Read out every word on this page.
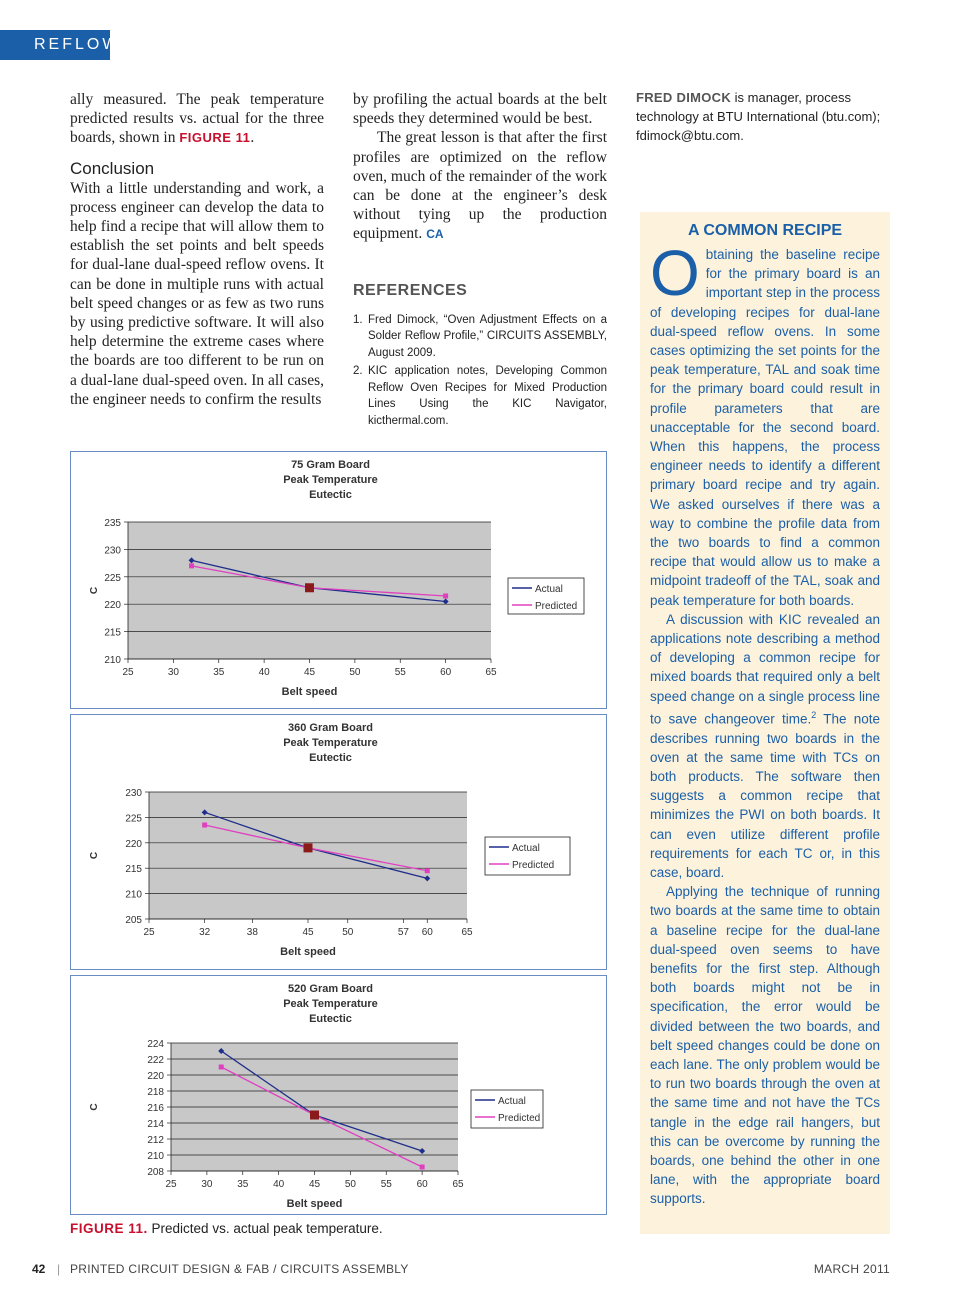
REFLOW

ally measured. The peak temperature predicted results vs. actual for the three boards, shown in FIGURE 11.

Conclusion

With a little understanding and work, a process engineer can develop the data to help find a recipe that will allow them to establish the set points and belt speeds for dual-lane dual-speed reflow ovens. It can be done in multiple runs with actual belt speed changes or as few as two runs by using predictive software. It will also help determine the extreme cases where the boards are too different to be run on a dual-lane dual-speed oven. In all cases, the engineer needs to confirm the results

by profiling the actual boards at the belt speeds they determined would be best.

The great lesson is that after the first profiles are optimized on the reflow oven, much of the remainder of the work can be done at the engineer’s desk without tying up the production equipment. CA

REFERENCES

1. Fred Dimock, “Oven Adjustment Effects on a Solder Reflow Profile,” CIRCUITS ASSEMBLY, August 2009.
2. KIC application notes, Developing Common Reflow Oven Recipes for Mixed Production Lines Using the KIC Navigator, kicthermal.com.
FRED DIMOCK is manager, process technology at BTU International (btu.com); fdimock@btu.com.
A COMMON RECIPE

Obtaining the baseline recipe for the primary board is an important step in the process of developing recipes for dual-lane dual-speed reflow ovens. In some cases optimizing the set points for the peak temperature, TAL and soak time for the primary board could result in profile parameters that are unacceptable for the second board. When this happens, the process engineer needs to identify a different primary board recipe and try again. We asked ourselves if there was a way to combine the profile data from the two boards to find a common recipe that would allow us to make a midpoint tradeoff of the TAL, soak and peak temperature for both boards.

A discussion with KIC revealed an applications note describing a method of developing a common recipe for mixed boards that required only a belt speed change on a single process line to save changeover time.$^2$ The note describes running two boards in the oven at the same time with TCs on both products. The software then suggests a common recipe that minimizes the PWI on both boards. It can even utilize different profile requirements for each TC or, in this case, board.

Applying the technique of running two boards at the same time to obtain a baseline recipe for the dual-lane dual-speed oven seems to have benefits for the first step. Although both boards might not be in specification, the error would be divided between the two boards, and belt speed changes could be done on each lane. The only problem would be to run two boards through the oven at the same time and not have the TCs tangle in the edge rail hangers, but this can be overcome by running the boards, one behind the other in one lane, with the appropriate board supports.

75 Gram Board
Peak Temperature
Eutectic
210
215
220
225
230
235
25	30	35	40	45	50	55	60	65
Belt speed
C	Actual
Predicted
360 Gram Board
Peak Temperature
Eutectic
205
210
215
220
225
230
25	32	38	45	50	57 60	65
Belt speed
C
Actual
Predicted
520 Gram Board
Peak Temperature
Eutectic
208
210
212
214
216
218
220
222
224
25 30 35 40 45 50 55 60 65
Belt speed
C	Actual
Predicted
FIGURE 11. Predicted vs. actual peak temperature.
42 | PRINTED CIRCUIT DESIGN & FAB / CIRCUITS ASSEMBLY	MARCH 2011
